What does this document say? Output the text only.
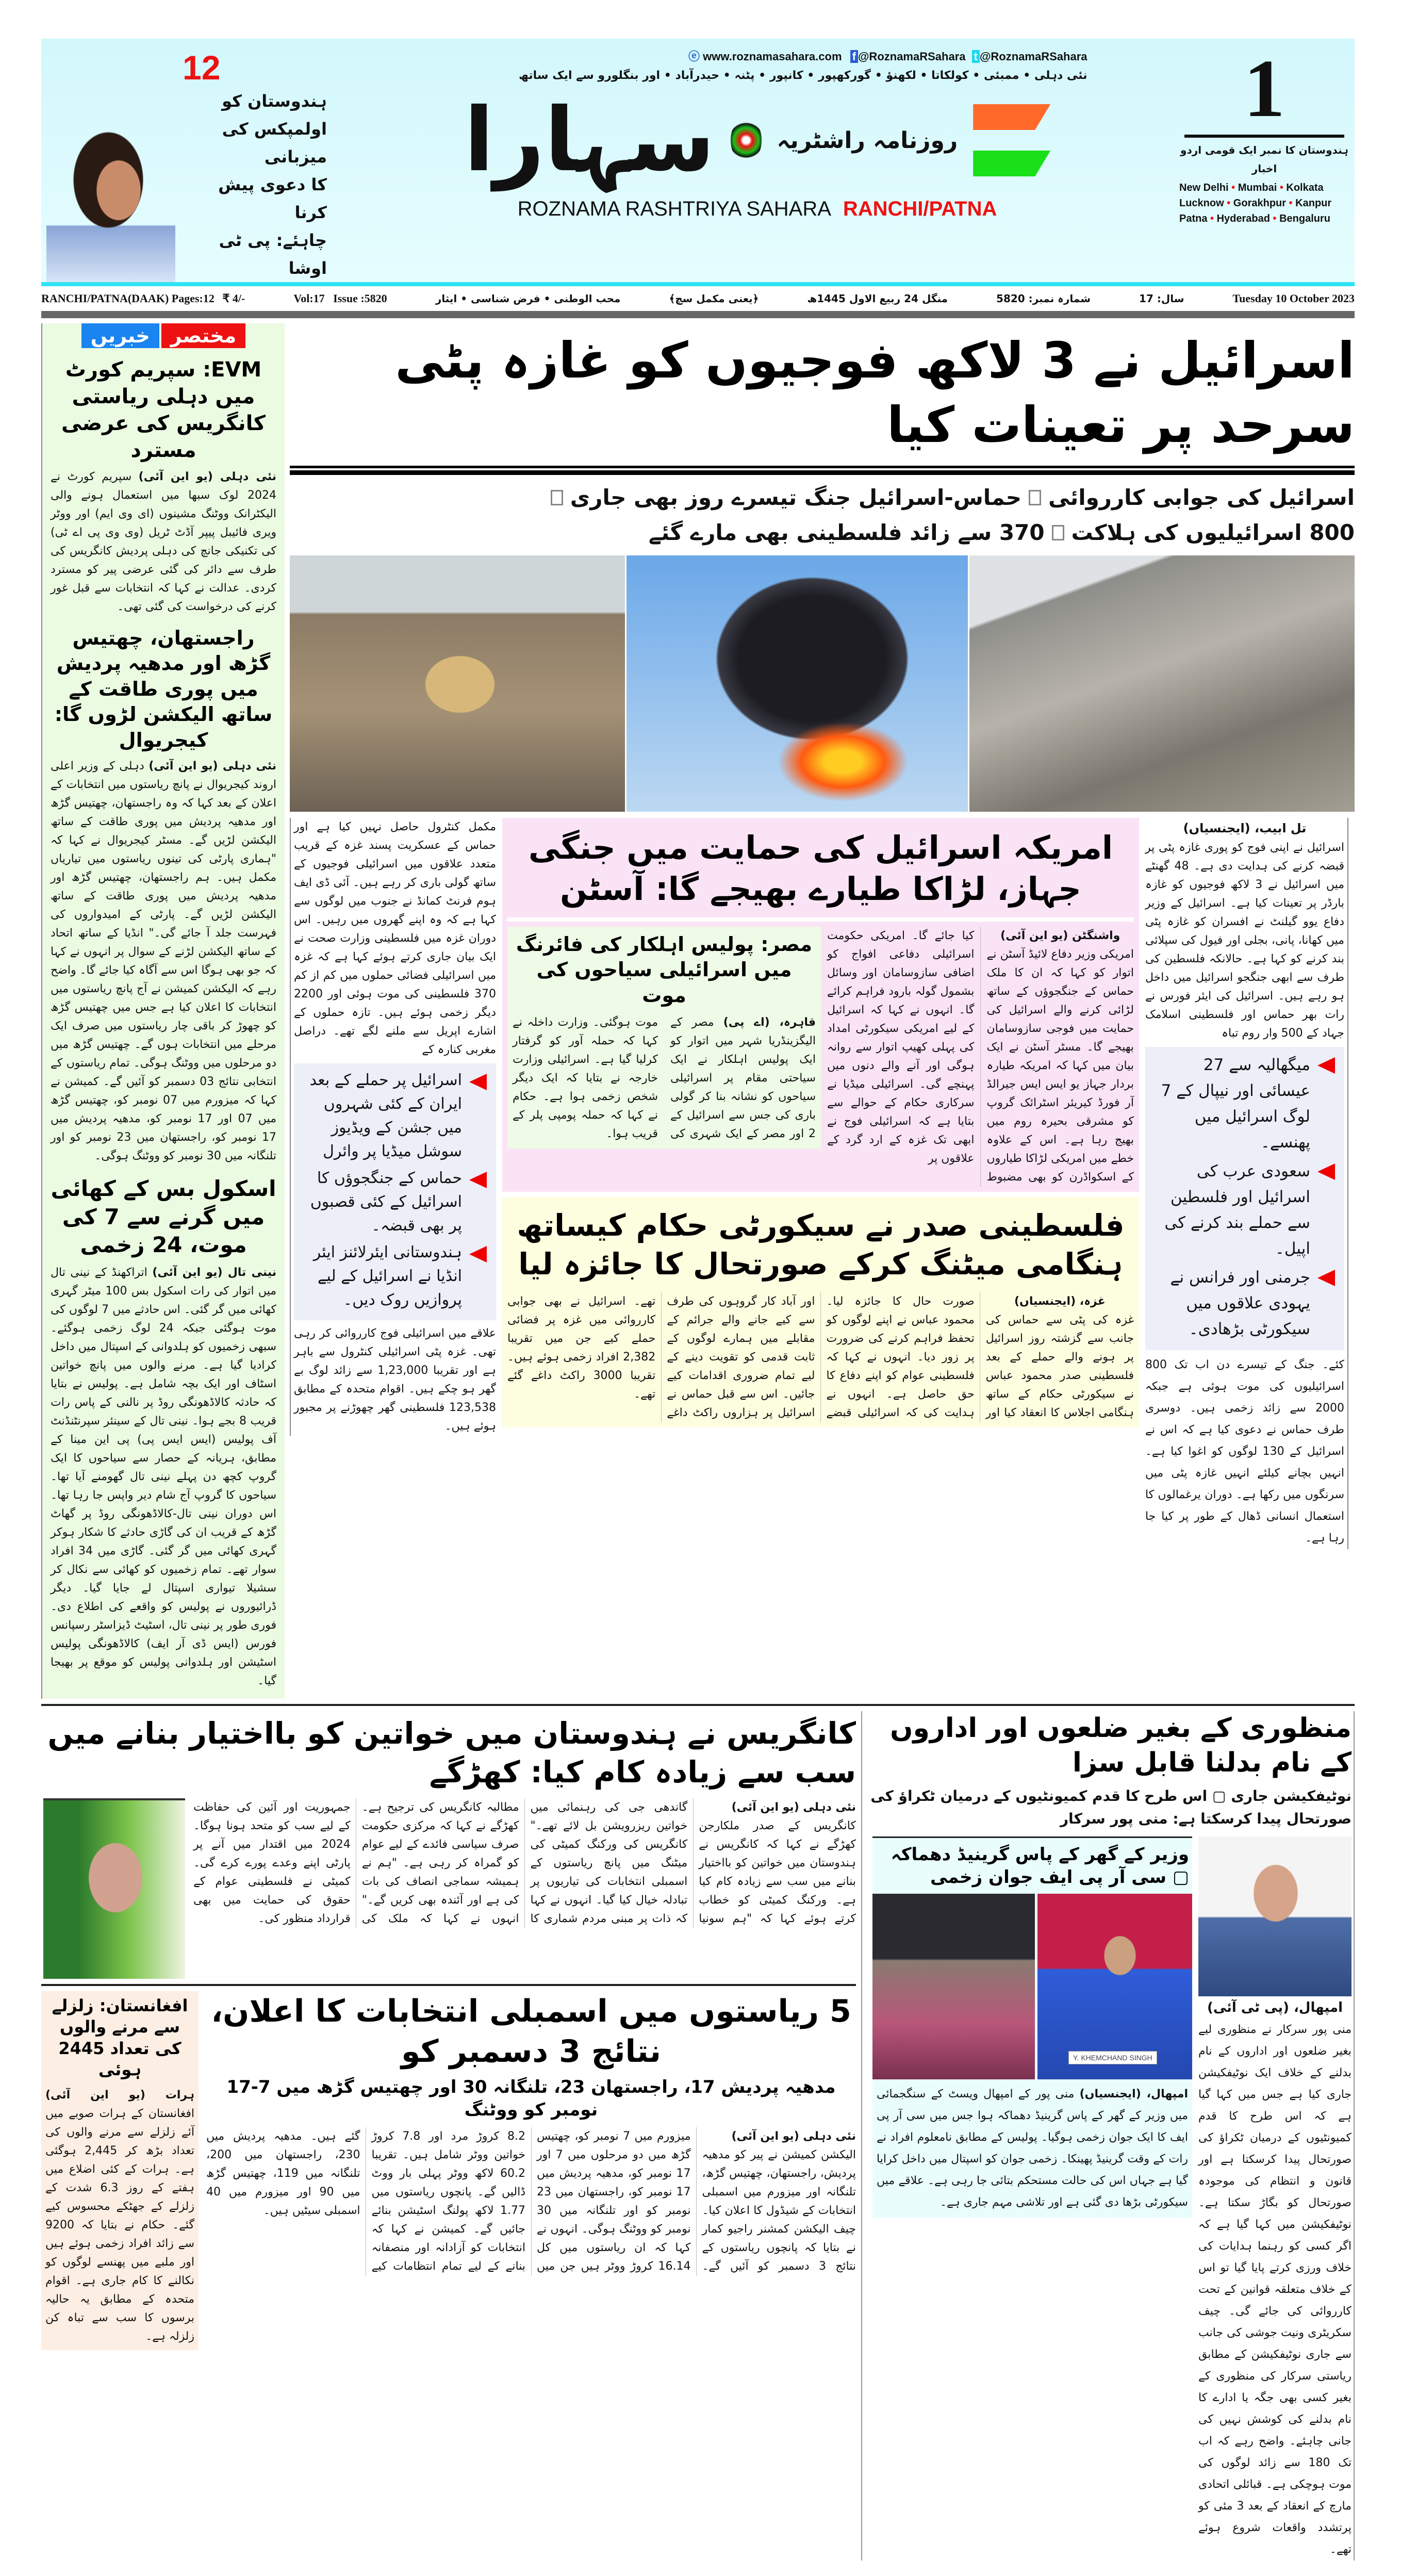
12
ہندوستان کو
اولمپکس کی میزبانی
کا دعوی پیش کرنا
چاہئے: پی ٹی اوشا
ⓔ www.roznamasahara.com f @RoznamaRSahara t @RoznamaRSahara
نئی دہلی • ممبئی • کولکاتا • لکھنؤ • گورکھپور • کانپور • پٹنہ • حیدرآباد • اور بنگلورو سے ایک ساتھ
سہارا	روزنامہ راشٹریہ
ROZNAMA RASHTRIYA SAHARA RANCHI/PATNA
1
ہندوستان کا نمبر ایک قومی اردو اخبار
New Delhi • Mumbai • Kolkata
Lucknow • Gorakhpur • Kanpur
Patna • Hyderabad • Bengaluru
RANCHI/PATNA(DAAK) Pages:12 ₹ 4/-	Vol:17 Issue :5820	محب الوطنی • فرض شناسی • ایثار	﴿یعنی مکمل سچ﴾	منگل 24 ربیع الاول 1445ھ	شمارہ نمبر: 5820	سال: 17	Tuesday 10 October 2023
خبریں	مختصر
EVM: سپریم کورٹ میں دہلی ریاستی کانگریس کی عرضی مسترد
نئی دہلی (یو این آئی) سپریم کورٹ نے 2024 لوک سبھا میں استعمال ہونے والی الیکٹرانک ووٹنگ مشینوں (ای وی ایم) اور ووٹر ویری فائیبل پیپر آڈٹ ٹریل (وی وی پی اے ٹی) کی تکنیکی جانچ کی دہلی پردیش کانگریس کی طرف سے دائر کی گئی عرضی پیر کو مسترد کردی۔ عدالت نے کہا کہ انتخابات سے قبل غور کرنے کی درخواست کی گئی تھی۔
راجستھان، چھتیس گڑھ اور مدھیہ پردیش میں پوری طاقت کے ساتھ الیکشن لڑوں گا: کیجریوال
نئی دہلی (یو این آئی) دہلی کے وزیر اعلی اروند کیجریوال نے پانچ ریاستوں میں انتخابات کے اعلان کے بعد کہا کہ وہ راجستھان، چھتیس گڑھ اور مدھیہ پردیش میں پوری طاقت کے ساتھ الیکشن لڑیں گے۔ مسٹر کیجریوال نے کہا کہ "ہماری پارٹی کی تینوں ریاستوں میں تیاریاں مکمل ہیں۔ ہم راجستھان، چھتیس گڑھ اور مدھیہ پردیش میں پوری طاقت کے ساتھ الیکشن لڑیں گے۔ پارٹی کے امیدواروں کی فہرست جلد آ جائے گی۔" انڈیا کے ساتھ اتحاد کے ساتھ الیکشن لڑنے کے سوال پر انہوں نے کہا کہ جو بھی ہوگا اس سے آگاہ کیا جائے گا۔ واضح رہے کہ الیکشن کمیشن نے آج پانچ ریاستوں میں انتخابات کا اعلان کیا ہے جس میں چھتیس گڑھ کو چھوڑ کر باقی چار ریاستوں میں صرف ایک مرحلے میں انتخابات ہوں گے۔ چھتیس گڑھ میں دو مرحلوں میں ووٹنگ ہوگی۔ تمام ریاستوں کے انتخابی نتائج 03 دسمبر کو آئیں گے۔ کمیشن نے کہا کہ میزورم میں 07 نومبر کو، چھتیس گڑھ میں 07 اور 17 نومبر کو، مدھیہ پردیش میں 17 نومبر کو، راجستھان میں 23 نومبر کو اور تلنگانہ میں 30 نومبر کو ووٹنگ ہوگی۔
اسکول بس کے کھائی میں گرنے سے 7 کی موت، 24 زخمی
نینی تال (یو این آئی) اتراکھنڈ کے نینی تال میں اتوار کی رات اسکول بس 100 میٹر گہری کھائی میں گر گئی۔ اس حادثے میں 7 لوگوں کی موت ہوگئی جبکہ 24 لوگ زخمی ہوگئے۔ سبھی زخمیوں کو ہلدوانی کے اسپتال میں داخل کرادیا گیا ہے۔ مرنے والوں میں پانچ خواتین اسٹاف اور ایک بچہ شامل ہے۔ پولیس نے بتایا کہ حادثہ کالاڈھونگی روڈ پر نالنی کے پاس رات قریب 8 بجے ہوا۔ نینی تال کے سینئر سپرنٹنڈنٹ آف پولیس (ایس ایس پی) پی این مینا کے مطابق، ہریانہ کے حصار سے سیاحوں کا ایک گروپ کچھ دن پہلے نینی تال گھومنے آیا تھا۔ سیاحوں کا گروپ آج شام دیر واپس جا رہا تھا۔ اس دوران نینی تال-کالاڈھونگی روڈ پر گھاٹ گڑھ کے قریب ان کی گاڑی حادثے کا شکار ہوکر گہری کھائی میں گر گئی۔ گاڑی میں 34 افراد سوار تھے۔ تمام زخمیوں کو کھائی سے نکال کر سشیلا تیواری اسپتال لے جایا گیا۔ دیگر ڈرائیوروں نے پولیس کو واقعے کی اطلاع دی۔ فوری طور پر نینی تال، اسٹیٹ ڈیزاسٹر رسپانس فورس (ایس ڈی آر ایف) کالاڈھونگی پولیس اسٹیشن اور ہلدوانی پولیس کو موقع پر بھیجا گیا۔
اسرائیل نے 3 لاکھ فوجیوں کو غازہ پٹی سرحد پر تعینات کیا
اسرائیل کی جوابی کارروائی
حماس-اسرائیل جنگ تیسرے روز بھی جاری
800 اسرائیلیوں کی ہلاکت
370 سے زائد فلسطینی بھی مارے گئے
مکمل کنٹرول حاصل نہیں کیا ہے اور حماس کے عسکریت پسند غزہ کے قریب متعدد علاقوں میں اسرائیلی فوجیوں کے ساتھ گولی باری کر رہے ہیں۔ آئی ڈی ایف ہوم فرنٹ کمانڈ نے جنوب میں لوگوں سے کہا ہے کہ وہ اپنے گھروں میں رہیں۔ اس دوران غزہ میں فلسطینی وزارت صحت نے ایک بیان جاری کرتے ہوئے کہا ہے کہ غزہ میں اسرائیلی فضائی حملوں میں کم از کم 370 فلسطینی کی موت ہوئی اور 2200 دیگر زخمی ہوئے ہیں۔ تازہ حملوں کے اشارے اپریل سے ملنے لگے تھے۔ دراصل مغربی کنارہ کے
اسرائیل پر حملے کے بعد ایران کے کئی شہروں میں جشن کے ویڈیوز سوشل میڈیا پر وائرل
حماس کے جنگجوؤں کا اسرائیل کے کئی قصبوں پر بھی قبضہ۔
ہندوستانی ایئرلائنز ایئر انڈیا نے اسرائیل کے لیے پروازیں روک دیں۔
علاقے میں اسرائیلی فوج کارروائی کر رہی تھی۔ غزہ پٹی اسرائیلی کنٹرول سے باہر ہے اور تقریبا 1,23,000 سے زائد لوگ بے گھر ہو چکے ہیں۔ اقوام متحدہ کے مطابق 123,538 فلسطینی گھر چھوڑنے پر مجبور ہوئے ہیں۔
امریکہ اسرائیل کی حمایت میں جنگی جہاز، لڑاکا طیارے بھیجے گا: آسٹن
واشنگٹن (یو این آئی)
امریکی وزیر دفاع لائیڈ آسٹن نے اتوار کو کہا کہ ان کا ملک حماس کے جنگجوؤں کے ساتھ لڑائی کرنے والے اسرائیل کی حمایت میں فوجی سازوسامان بھیجے گا۔ مسٹر آسٹن نے ایک بیان میں کہا کہ امریکہ طیارہ بردار جہاز یو ایس ایس جیرالڈ آر فورڈ کیریئر اسٹرائک گروپ کو مشرقی بحیرہ روم میں بھیج رہا ہے۔ اس کے علاوہ خطے میں امریکی لڑاکا طیاروں کے اسکواڈرن کو بھی مضبوط کیا جائے گا۔ امریکی حکومت اسرائیلی دفاعی افواج کو اضافی سازوسامان اور وسائل بشمول گولہ بارود فراہم کرائے گا۔ انہوں نے کہا کہ اسرائیل کے لیے امریکی سیکورٹی امداد کی پہلی کھیپ اتوار سے روانہ ہوگی اور آنے والے دنوں میں پہنچے گی۔ اسرائیلی میڈیا نے سرکاری حکام کے حوالے سے بتایا ہے کہ اسرائیلی فوج نے ابھی تک غزہ کے ارد گرد کے علاقوں پر
مصر: پولیس اہلکار کی فائرنگ میں اسرائیلی سیاحوں کی موت
قاہرہ، (اے پی) مصر کے الیگزینڈریا شہر میں اتوار کو ایک پولیس اہلکار نے ایک سیاحتی مقام پر اسرائیلی سیاحوں کو نشانہ بنا کر گولی باری کی جس سے اسرائیل کے 2 اور مصر کے ایک شہری کی موت ہوگئی۔ وزارت داخلہ نے کہا کہ حملہ آور کو گرفتار کرلیا گیا ہے۔ اسرائیلی وزارت خارجہ نے بتایا کہ ایک دیگر شخص زخمی ہوا ہے۔ حکام نے کہا کہ حملہ پومپی پلر کے قریب ہوا۔
فلسطینی صدر نے سیکورٹی حکام کیساتھ ہنگامی میٹنگ کرکے صورتحال کا جائزہ لیا
غزہ، (ایجنسیاں)
غزہ کی پٹی سے حماس کی جانب سے گزشتہ روز اسرائیل پر ہونے والے حملے کے بعد فلسطینی صدر محمود عباس نے سیکورٹی حکام کے ساتھ ہنگامی اجلاس کا انعقاد کیا اور صورت حال کا جائزہ لیا۔ محمود عباس نے اپنے لوگوں کو تحفظ فراہم کرنے کی ضرورت پر زور دیا۔ انہوں نے کہا کہ فلسطینی عوام کو اپنے دفاع کا حق حاصل ہے۔ انہوں نے ہدایت کی کہ اسرائیلی قبضے اور آباد کار گروہوں کی طرف سے کیے جانے والے جرائم کے مقابلے میں ہمارے لوگوں کے ثابت قدمی کو تقویت دینے کے لیے تمام ضروری اقدامات کیے جائیں۔ اس سے قبل حماس نے اسرائیل پر ہزاروں راکٹ داغے تھے۔ اسرائیل نے بھی جوابی کارروائی میں غزہ پر فضائی حملے کیے جن میں تقریبا 2,382 افراد زخمی ہوئے ہیں۔ تقریبا 3000 راکٹ داغے گئے تھے۔
تل ابیب، (ایجنسیاں)
اسرائیل نے اپنی فوج کو پوری غازہ پٹی پر قبضہ کرنے کی ہدایت دی ہے۔ 48 گھنٹے میں اسرائیل نے 3 لاکھ فوجیوں کو غازہ بارڈر پر تعینات کیا ہے۔ اسرائیل کے وزیر دفاع یوو گیلنٹ نے افسران کو غازہ پٹی میں کھانا، پانی، بجلی اور فیول کی سپلائی بند کرنے کو کہا ہے۔ حالانکہ فلسطین کی طرف سے ابھی جنگجو اسرائیل میں داخل ہو رہے ہیں۔ اسرائیل کی ایئر فورس نے رات بھر حماس اور فلسطینی اسلامک جہاد کے 500 وار روم تباہ
میگھالیہ سے 27 عیسائی اور نیپال کے 7 لوگ اسرائیل میں پھنسے۔
سعودی عرب کی اسرائیل اور فلسطین سے حملے بند کرنے کی اپیل۔
جرمنی اور فرانس نے یہودی علاقوں میں سیکورٹی بڑھادی۔
کئے۔ جنگ کے تیسرے دن اب تک 800 اسرائیلیوں کی موت ہوئی ہے جبکہ 2000 سے زائد زخمی ہیں۔ دوسری طرف حماس نے دعوی کیا ہے کہ اس نے اسرائیل کے 130 لوگوں کو اغوا کیا ہے۔ انہیں بچانے کیلئے انہیں غازہ پٹی میں سرنگوں میں رکھا ہے۔ دوران یرغمالوں کا استعمال انسانی ڈھال کے طور پر کیا جا رہا ہے۔
کانگریس نے ہندوستان میں خواتین کو بااختیار بنانے میں سب سے زیادہ کام کیا: کھڑگے
نئی دہلی (یو این آئی)
کانگریس کے صدر ملکارجن کھڑگے نے کہا کہ کانگریس نے ہندوستان میں خواتین کو بااختیار بنانے میں سب سے زیادہ کام کیا ہے۔ ورکنگ کمیٹی کو خطاب کرتے ہوئے کہا کہ "ہم سونیا گاندھی جی کی رہنمائی میں خواتین ریزرویشن بل لائے تھے۔" کانگریس کی ورکنگ کمیٹی کی میٹنگ میں پانچ ریاستوں کے اسمبلی انتخابات کی تیاریوں پر تبادلہ خیال کیا گیا۔ انہوں نے کہا کہ ذات پر مبنی مردم شماری کا مطالبہ کانگریس کی ترجیح ہے۔ کھڑگے نے کہا کہ مرکزی حکومت صرف سیاسی فائدے کے لیے عوام کو گمراہ کر رہی ہے۔ "ہم نے ہمیشہ سماجی انصاف کی بات کی ہے اور آئندہ بھی کریں گے۔" انہوں نے کہا کہ ملک کی جمہوریت اور آئین کی حفاظت کے لیے سب کو متحد ہونا ہوگا۔ 2024 میں اقتدار میں آنے پر پارٹی اپنے وعدے پورے کرے گی۔ کمیٹی نے فلسطینی عوام کے حقوق کی حمایت میں بھی قرارداد منظور کی۔
افغانستان: زلزلے سے مرنے والوں کی تعداد 2445 ہوئی
ہرات (یو این آئی) افغانستان کے ہرات صوبے میں آئے زلزلے سے مرنے والوں کی تعداد بڑھ کر 2,445 ہوگئی ہے۔ ہرات کے کئی اضلاع میں ہفتے کے روز 6.3 شدت کے زلزلے کے جھٹکے محسوس کیے گئے۔ حکام نے بتایا کہ 9200 سے زائد افراد زخمی ہوئے ہیں اور ملبے میں پھنسے لوگوں کو نکالنے کا کام جاری ہے۔ اقوام متحدہ کے مطابق یہ حالیہ برسوں کا سب سے تباہ کن زلزلہ ہے۔
5 ریاستوں میں اسمبلی انتخابات کا اعلان، نتائج 3 دسمبر کو
مدھیہ پردیش 17، راجستھان 23، تلنگانہ 30 اور چھتیس گڑھ میں 7-17 نومبر کو ووٹنگ
نئی دہلی (یو این آئی)
الیکشن کمیشن نے پیر کو مدھیہ پردیش، راجستھان، چھتیس گڑھ، تلنگانہ اور میزورم میں اسمبلی انتخابات کے شیڈول کا اعلان کیا۔ چیف الیکشن کمشنر راجیو کمار نے بتایا کہ پانچوں ریاستوں کے نتائج 3 دسمبر کو آئیں گے۔ میزورم میں 7 نومبر کو، چھتیس گڑھ میں دو مرحلوں میں 7 اور 17 نومبر کو، مدھیہ پردیش میں 17 نومبر کو، راجستھان میں 23 نومبر کو اور تلنگانہ میں 30 نومبر کو ووٹنگ ہوگی۔ انہوں نے کہا کہ ان ریاستوں میں کل 16.14 کروڑ ووٹر ہیں جن میں 8.2 کروڑ مرد اور 7.8 کروڑ خواتین ووٹر شامل ہیں۔ تقریبا 60.2 لاکھ ووٹر پہلی بار ووٹ ڈالیں گے۔ پانچوں ریاستوں میں 1.77 لاکھ پولنگ اسٹیشن بنائے جائیں گے۔ کمیشن نے کہا کہ انتخابات کو آزادانہ اور منصفانہ بنانے کے لیے تمام انتظامات کیے گئے ہیں۔ مدھیہ پردیش میں 230، راجستھان میں 200، تلنگانہ میں 119، چھتیس گڑھ میں 90 اور میزورم میں 40 اسمبلی سیٹیں ہیں۔
منظوری کے بغیر ضلعوں اور اداروں کے نام بدلنا قابل سزا
نوٹیفکیشن جاری ▢ اس طرح کا قدم کمیونٹیوں کے درمیان ٹکراؤ کی صورتحال پیدا کرسکتا ہے: منی پور سرکار
امپھال، (پی ٹی آئی)
منی پور سرکار نے منظوری لیے بغیر ضلعوں اور اداروں کے نام بدلنے کے خلاف ایک نوٹیفکیشن جاری کیا ہے جس میں کہا گیا ہے کہ اس طرح کا قدم کمیونٹیوں کے درمیان ٹکراؤ کی صورتحال پیدا کرسکتا ہے اور قانون و انتظام کی موجودہ صورتحال کو بگاڑ سکتا ہے۔ نوٹیفکیشن میں کہا گیا ہے کہ اگر کسی کو رہنما ہدایات کی خلاف ورزی کرتے پایا گیا تو اس کے خلاف متعلقہ قوانین کے تحت کارروائی کی جائے گی۔ چیف سکریٹری ونیت جوشی کی جانب سے جاری نوٹیفکیشن کے مطابق ریاستی سرکار کی منظوری کے بغیر کسی بھی جگہ یا ادارے کا نام بدلنے کی کوشش نہیں کی جانی چاہئے۔ واضح رہے کہ اب تک 180 سے زائد لوگوں کی موت ہوچکی ہے۔ قبائلی اتحادی مارچ کے انعقاد کے بعد 3 مئی کو پرتشدد واقعات شروع ہوئے تھے۔
وزیر کے گھر کے پاس گرینیڈ دھماکہ ▢ سی آر پی ایف جوان زخمی
Y. KHEMCHAND SINGH
امپھال، (ایجنسیاں) منی پور کے امپھال ویسٹ کے سنگجمائی میں وزیر کے گھر کے پاس گرینیڈ دھماکہ ہوا جس میں سی آر پی ایف کا ایک جوان زخمی ہوگیا۔ پولیس کے مطابق نامعلوم افراد نے رات کے وقت گرینیڈ پھینکا۔ زخمی جوان کو اسپتال میں داخل کرایا گیا ہے جہاں اس کی حالت مستحکم بتائی جا رہی ہے۔ علاقے میں سیکورٹی بڑھا دی گئی ہے اور تلاشی مہم جاری ہے۔
